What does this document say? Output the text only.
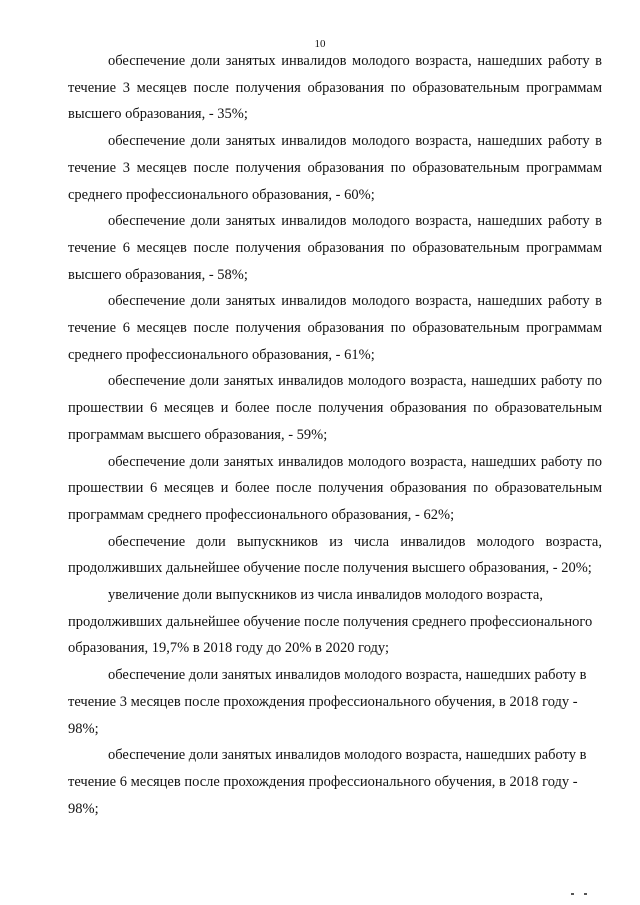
10

обеспечение доли занятых инвалидов молодого возраста, нашедших работу в течение 3 месяцев после получения образования по образовательным программам высшего образования, - 35%;

обеспечение доли занятых инвалидов молодого возраста, нашедших работу в течение 3 месяцев после получения образования по образовательным программам среднего профессионального образования, - 60%;

обеспечение доли занятых инвалидов молодого возраста, нашедших работу в течение 6 месяцев после получения образования по образовательным программам высшего образования, - 58%;

обеспечение доли занятых инвалидов молодого возраста, нашедших работу в течение 6 месяцев после получения образования по образовательным программам среднего профессионального образования, - 61%;

обеспечение доли занятых инвалидов молодого возраста, нашедших работу по прошествии 6 месяцев и более после получения образования по образовательным программам высшего образования, - 59%;

обеспечение доли занятых инвалидов молодого возраста, нашедших работу по прошествии 6 месяцев и более после получения образования по образовательным программам среднего профессионального образования, - 62%;

обеспечение доли выпускников из числа инвалидов молодого возраста, продолживших дальнейшее обучение после получения высшего образования, - 20%;

увеличение доли выпускников из числа инвалидов молодого возраста, продолживших дальнейшее обучение после получения среднего профессионального образования, 19,7% в 2018 году до 20% в 2020 году;

обеспечение доли занятых инвалидов молодого возраста, нашедших работу в течение 3 месяцев после прохождения профессионального обучения, в 2018 году - 98%;

обеспечение доли занятых инвалидов молодого возраста, нашедших работу в течение 6 месяцев после прохождения профессионального обучения, в 2018 году - 98%;
